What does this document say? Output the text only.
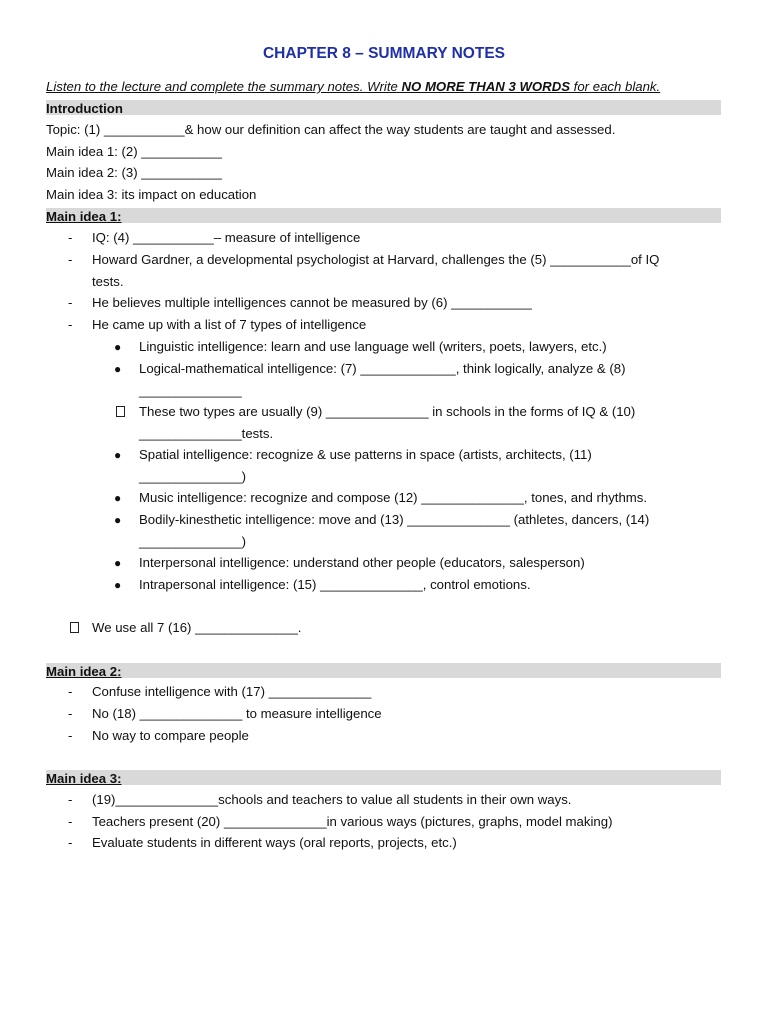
CHAPTER 8 – SUMMARY NOTES
Listen to the lecture and complete the summary notes. Write NO MORE THAN 3 WORDS for each blank.
Introduction
Topic: (1) ___________& how our definition can affect the way students are taught and assessed.
Main idea 1: (2) ___________
Main idea 2: (3) ___________
Main idea 3: its impact on education
Main idea 1:
- IQ: (4) ___________– measure of intelligence
- Howard Gardner, a developmental psychologist at Harvard, challenges the (5) ___________of IQ
tests.
- He believes multiple intelligences cannot be measured by (6) ___________
- He came up with a list of 7 types of intelligence
● Linguistic intelligence: learn and use language well (writers, poets, lawyers, etc.)
● Logical-mathematical intelligence: (7) _____________, think logically, analyze & (8)
______________
These two types are usually (9) ______________ in schools in the forms of IQ & (10)
______________tests.
● Spatial intelligence: recognize & use patterns in space (artists, architects, (11)
______________)
● Music intelligence: recognize and compose (12) ______________, tones, and rhythms.
● Bodily-kinesthetic intelligence: move and (13) ______________ (athletes, dancers, (14)
______________)
● Interpersonal intelligence: understand other people (educators, salesperson)
● Intrapersonal intelligence: (15) ______________, control emotions.
We use all 7 (16) ______________.
Main idea 2:
- Confuse intelligence with (17) ______________
- No (18) ______________ to measure intelligence
- No way to compare people
Main idea 3:
- (19)______________schools and teachers to value all students in their own ways.
- Teachers present (20) ______________in various ways (pictures, graphs, model making)
- Evaluate students in different ways (oral reports, projects, etc.)
